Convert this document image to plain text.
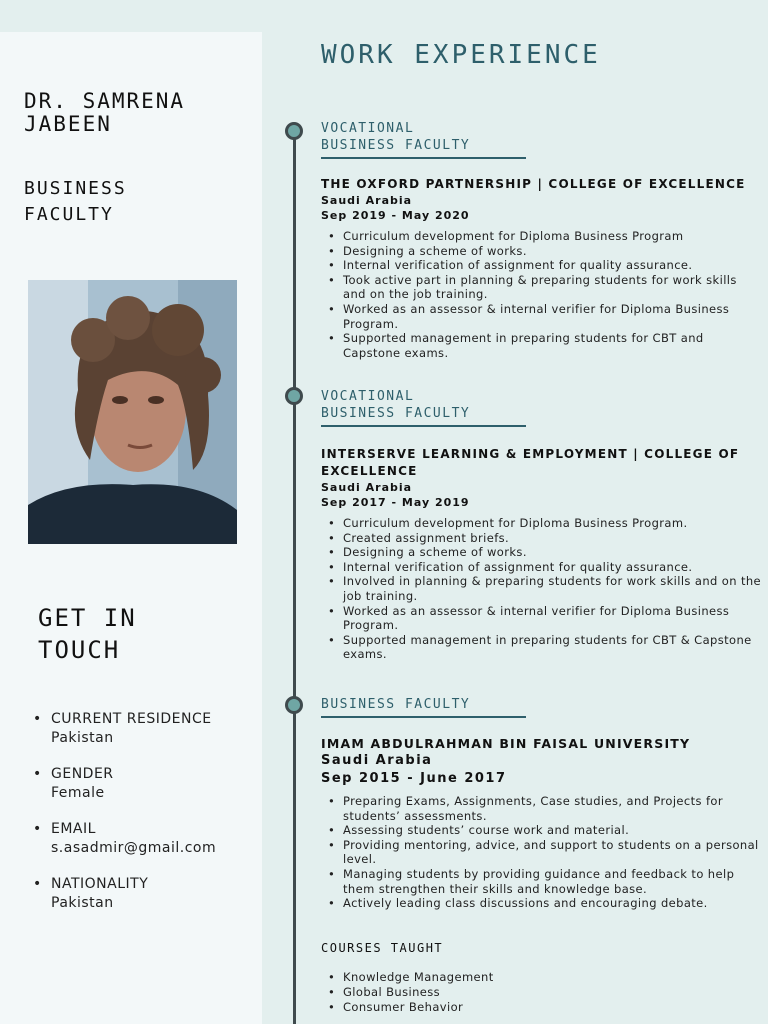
DR. SAMRENA
JABEEN
BUSINESS
FACULTY
GET IN
TOUCH
• CURRENT RESIDENCE
Pakistan
• GENDER
Female
• EMAIL
s.asadmir@gmail.com
• NATIONALITY
Pakistan
WORK EXPERIENCE
VOCATIONAL
BUSINESS FACULTY
THE OXFORD PARTNERSHIP | COLLEGE OF EXCELLENCE
Saudi Arabia
Sep 2019 - May 2020
• Curriculum development for Diploma Business Program
• Designing a scheme of works.
• Internal verification of assignment for quality assurance.
• Took active part in planning & preparing students for work skills and on the job training.
• Worked as an assessor & internal verifier for Diploma Business Program.
• Supported management in preparing students for CBT and Capstone exams.
VOCATIONAL
BUSINESS FACULTY
INTERSERVE LEARNING & EMPLOYMENT | COLLEGE OF EXCELLENCE
Saudi Arabia
Sep 2017 - May 2019
• Curriculum development for Diploma Business Program.
• Created assignment briefs.
• Designing a scheme of works.
• Internal verification of assignment for quality assurance.
• Involved in planning & preparing students for work skills and on the job training.
• Worked as an assessor & internal verifier for Diploma Business Program.
• Supported management in preparing students for CBT & Capstone exams.
BUSINESS FACULTY
IMAM ABDULRAHMAN BIN FAISAL UNIVERSITY
Saudi Arabia
Sep 2015 - June 2017
• Preparing Exams, Assignments, Case studies, and Projects for students’ assessments.
• Assessing students’ course work and material.
• Providing mentoring, advice, and support to students on a personal level.
• Managing students by providing guidance and feedback to help them strengthen their skills and knowledge base.
• Actively leading class discussions and encouraging debate.
COURSES TAUGHT
• Knowledge Management
• Global Business
• Consumer Behavior
